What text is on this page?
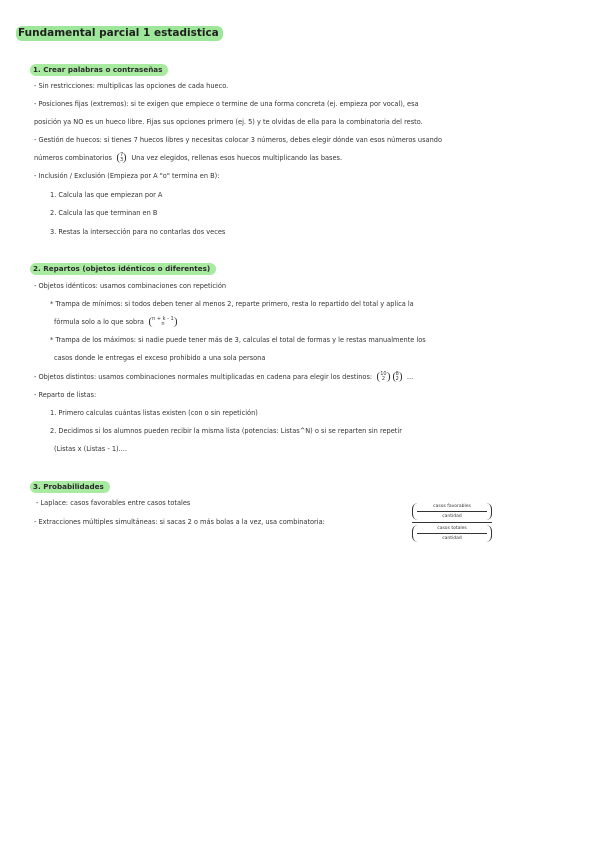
Fundamental parcial 1 estadistica
1. Crear palabras o contraseñas
- Sin restricciones: multiplicas las opciones de cada hueco.
- Posiciones fijas (extremos): si te exigen que empiece o termine de una forma concreta (ej. empieza por vocal), esa
posición ya NO es un hueco libre. Fijas sus opciones primero (ej. 5) y te olvidas de ella para la combinatoria del resto.
- Gestión de huecos: si tienes 7 huecos libres y necesitas colocar 3 números, debes elegir dónde van esos números usando
números combinatorios 7
3 Una vez elegidos, rellenas esos huecos multiplicando las bases.
- Inclusión / Exclusión (Empieza por A "o" termina en B):
1. Calcula las que empiezan por A
2. Calcula las que terminan en B
3. Restas la intersección para no contarlas dos veces
2. Repartos (objetos idénticos o diferentes)
- Objetos idénticos: usamos combinaciones con repetición
* Trampa de mínimos: si todos deben tener al menos 2, reparte primero, resta lo repartido del total y aplica la
fórmula solo a lo que sobra n + k - 1
n
* Trampa de los máximos: si nadie puede tener más de 3, calculas el total de formas y le restas manualmente los
casos donde le entregas el exceso prohibido a una sola persona
- Objetos distintos: usamos combinaciones normales multiplicadas en cadena para elegir los destinos: 10
28
2 ...
- Reparto de listas:
1. Primero calculas cuántas listas existen (con o sin repetición)
2. Decidimos si los alumnos pueden recibir la misma lista (potencias: Listas^N) o si se reparten sin repetir
(Listas x (Listas - 1)....
3. Probabilidades
- Laplace: casos favorables entre casos totales
- Extracciones múltiples simultáneas: si sacas 2 o más bolas a la vez, usa combinatoria:
casos favorables
cantidad
casos totales
cantidad
